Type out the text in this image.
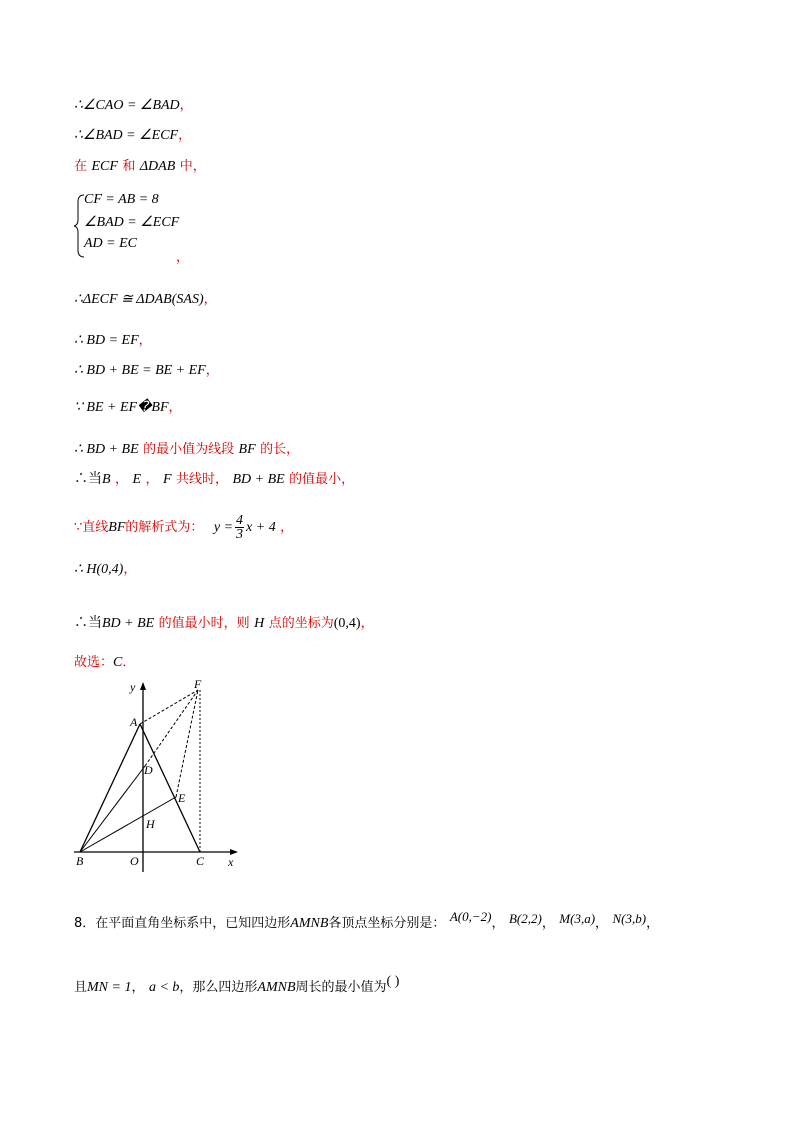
∴∠CAO = ∠BAD，
∴∠BAD = ∠ECF，
在 ECF 和 ΔDAB 中，
CF = AB = 8
∠BAD = ∠ECF
AD = EC
，
∴ΔECF ≅ ΔDAB(SAS)，
∴ BD = EF，
∴ BD + BE = BE + EF，
∵ BE + EF�BF，
∴ BD + BE 的最小值为线段 BF 的长，
∴当B ， E ， F 共线时， BD + BE 的值最小，
∵直线BF的解析式为： $y = \frac{4}{3}$ x + 4 ，
∴ H(0,4)，
∴当BD + BE 的值最小时，则 H 点的坐标为(0,4)，
故选：C．
y
x
A
B	C
D
E
F
H
O
8．在平面直角坐标系中，已知四边形AMNB各顶点坐标分别是： A(0,−2)， B(2,2)， M(3,a)， N(3,b)，
且MN = 1， a < b，那么四边形AMNB周长的最小值为( )
